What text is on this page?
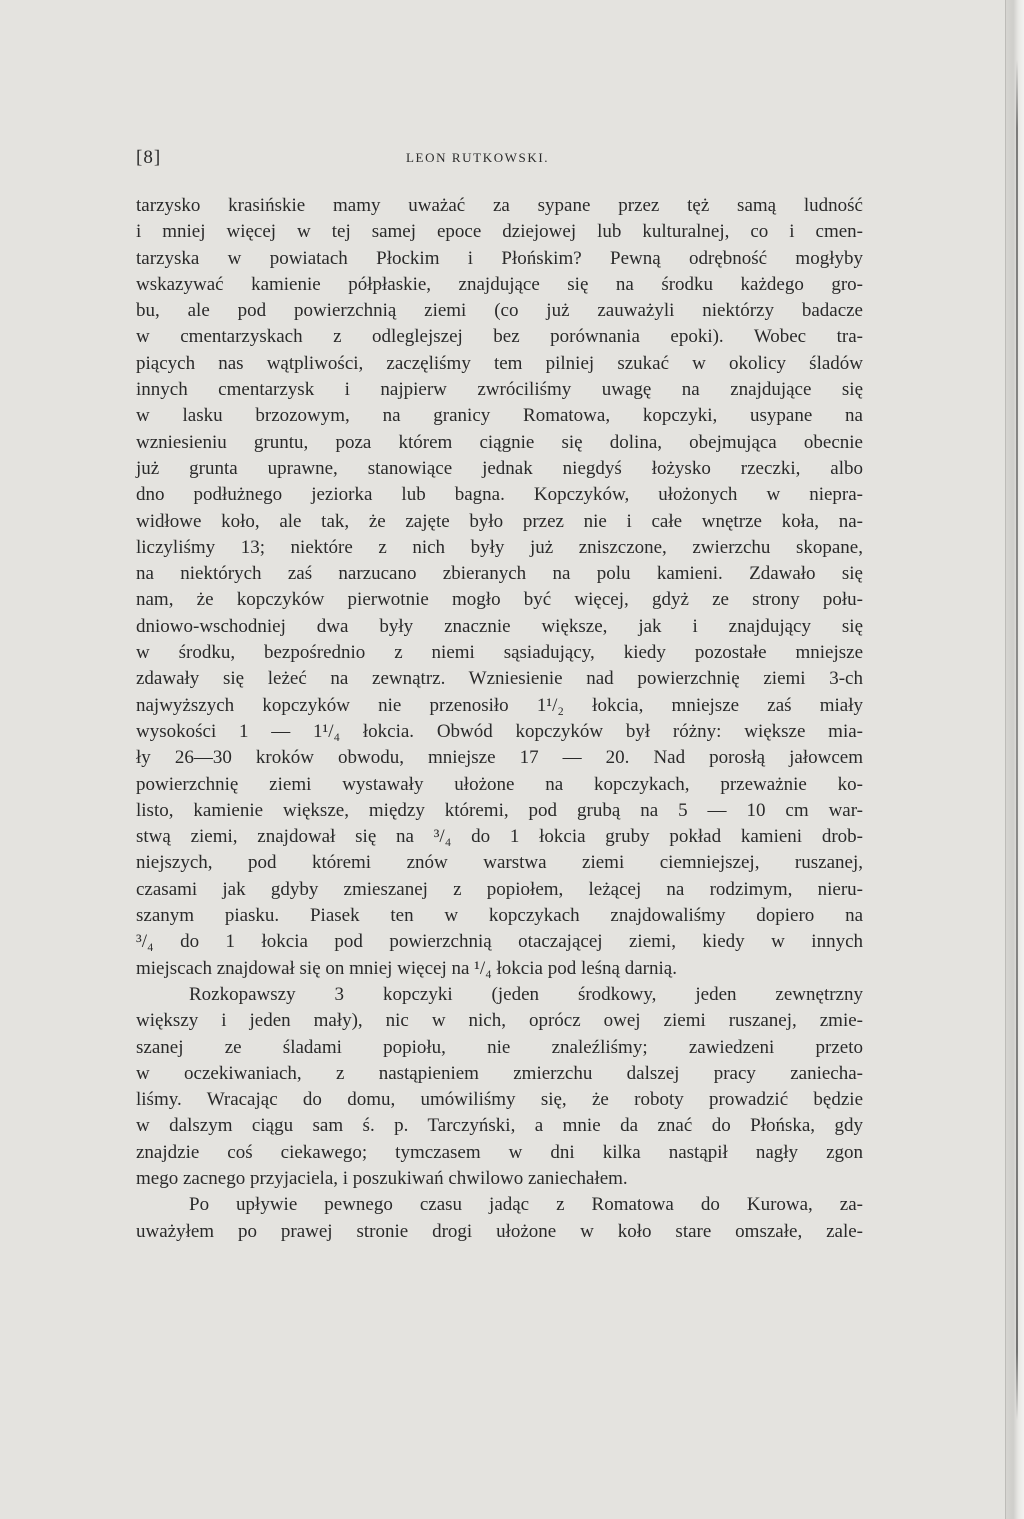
[8]	LEON RUTKOWSKI.
tarzysko krasińskie mamy uważać za sypane przez tęż samą ludność
i mniej więcej w tej samej epoce dziejowej lub kulturalnej, co i cmen-
tarzyska w powiatach Płockim i Płońskim? Pewną odrębność mogłyby
wskazywać kamienie półpłaskie, znajdujące się na środku każdego gro-
bu, ale pod powierzchnią ziemi (co już zauważyli niektórzy badacze
w cmentarzyskach z odleglejszej bez porównania epoki). Wobec tra-
piących nas wątpliwości, zaczęliśmy tem pilniej szukać w okolicy śladów
innych cmentarzysk i najpierw zwróciliśmy uwagę na znajdujące się
w lasku brzozowym, na granicy Romatowa, kopczyki, usypane na
wzniesieniu gruntu, poza którem ciągnie się dolina, obejmująca obecnie
już grunta uprawne, stanowiące jednak niegdyś łożysko rzeczki, albo
dno podłużnego jeziorka lub bagna. Kopczyków, ułożonych w niepra-
widłowe koło, ale tak, że zajęte było przez nie i całe wnętrze koła, na-
liczyliśmy 13; niektóre z nich były już zniszczone, zwierzchu skopane,
na niektórych zaś narzucano zbieranych na polu kamieni. Zdawało się
nam, że kopczyków pierwotnie mogło być więcej, gdyż ze strony połu-
dniowo-wschodniej dwa były znacznie większe, jak i znajdujący się
w środku, bezpośrednio z niemi sąsiadujący, kiedy pozostałe mniejsze
zdawały się leżeć na zewnątrz. Wzniesienie nad powierzchnię ziemi 3-ch
najwyższych kopczyków nie przenosiło 1¹/₂ łokcia, mniejsze zaś miały
wysokości 1 — 1¹/₄ łokcia. Obwód kopczyków był różny: większe mia-
ły 26—30 kroków obwodu, mniejsze 17 — 20. Nad porosłą jałowcem
powierzchnię ziemi wystawały ułożone na kopczykach, przeważnie ko-
listo, kamienie większe, między któremi, pod grubą na 5 — 10 cm war-
stwą ziemi, znajdował się na ³/₄ do 1 łokcia gruby pokład kamieni drob-
niejszych, pod któremi znów warstwa ziemi ciemniejszej, ruszanej,
czasami jak gdyby zmieszanej z popiołem, leżącej na rodzimym, nieru-
szanym piasku. Piasek ten w kopczykach znajdowaliśmy dopiero na
³/₄ do 1 łokcia pod powierzchnią otaczającej ziemi, kiedy w innych
miejscach znajdował się on mniej więcej na ¹/₄ łokcia pod leśną darnią.
Rozkopawszy 3 kopczyki (jeden środkowy, jeden zewnętrzny
większy i jeden mały), nic w nich, oprócz owej ziemi ruszanej, zmie-
szanej ze śladami popiołu, nie znaleźliśmy; zawiedzeni przeto
w oczekiwaniach, z nastąpieniem zmierzchu dalszej pracy zaniecha-
liśmy. Wracając do domu, umówiliśmy się, że roboty prowadzić będzie
w dalszym ciągu sam ś. p. Tarczyński, a mnie da znać do Płońska, gdy
znajdzie coś ciekawego; tymczasem w dni kilka nastąpił nagły zgon
mego zacnego przyjaciela, i poszukiwań chwilowo zaniechałem.
Po upływie pewnego czasu jadąc z Romatowa do Kurowa, za-
uważyłem po prawej stronie drogi ułożone w koło stare omszałe, zale-
